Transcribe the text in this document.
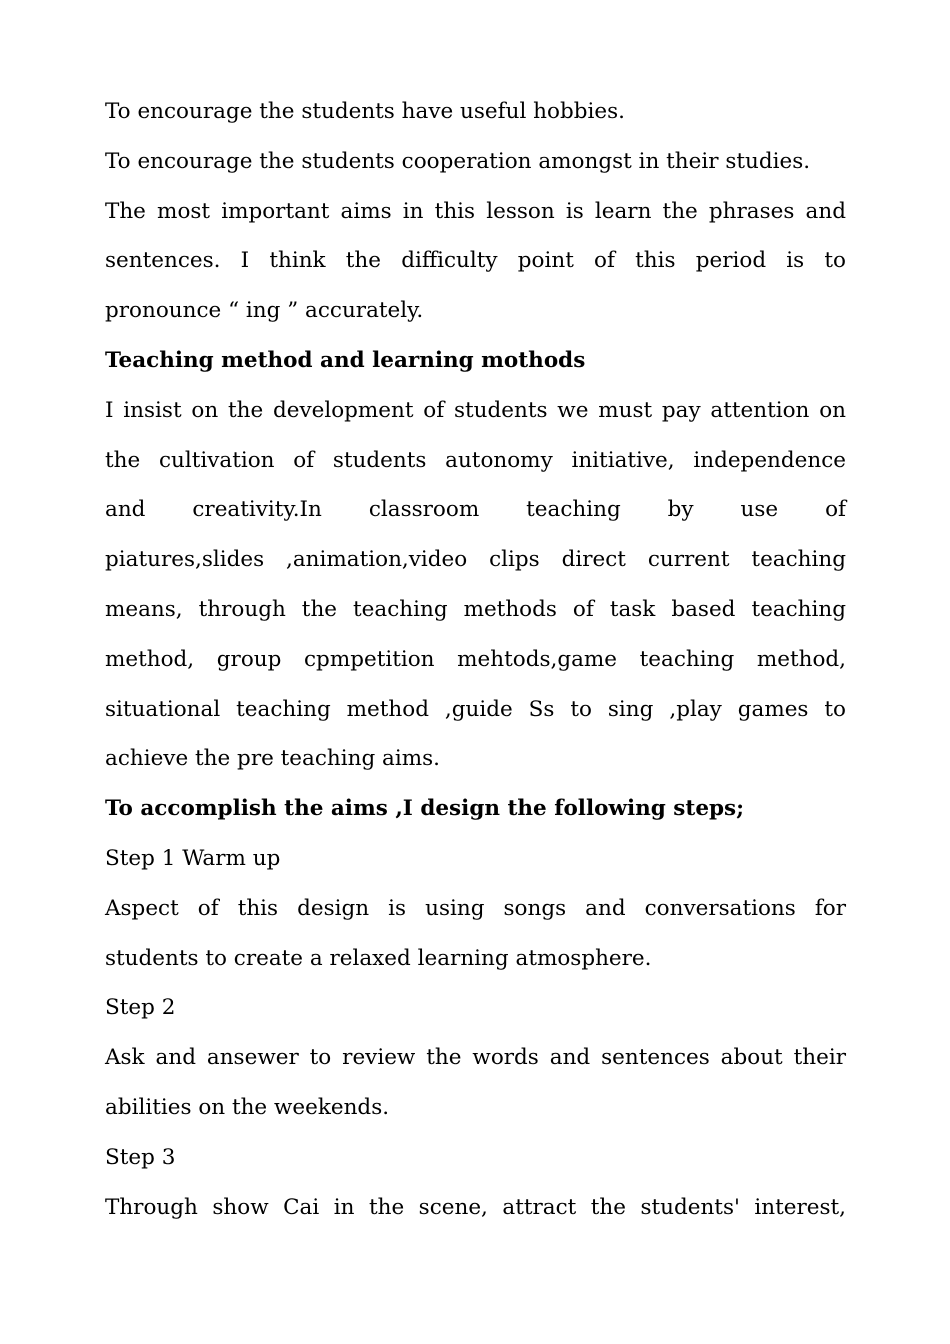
To encourage the students have useful hobbies.
To encourage the students cooperation amongst in their studies.
The most important aims in this lesson is learn the phrases and
sentences. I think the difficulty point of this period is to
pronounce “ ing ” accurately.
Teaching method and learning mothods
I insist on the development of students we must pay attention on
the cultivation of students autonomy initiative, independence
and creativity.In classroom teaching by use of
piatures,slides ,animation,video clips direct current teaching
means, through the teaching methods of task based teaching
method, group cpmpetition mehtods,game teaching method,
situational teaching method ,guide Ss to sing ,play games to
achieve the pre teaching aims.
To accomplish the aims ,I design the following steps;
Step 1 Warm up
Aspect of this design is using songs and conversations for
students to create a relaxed learning atmosphere.
Step 2
Ask and ansewer to review the words and sentences about their
abilities on the weekends.
Step 3
Through show Cai in the scene, attract the students' interest,
